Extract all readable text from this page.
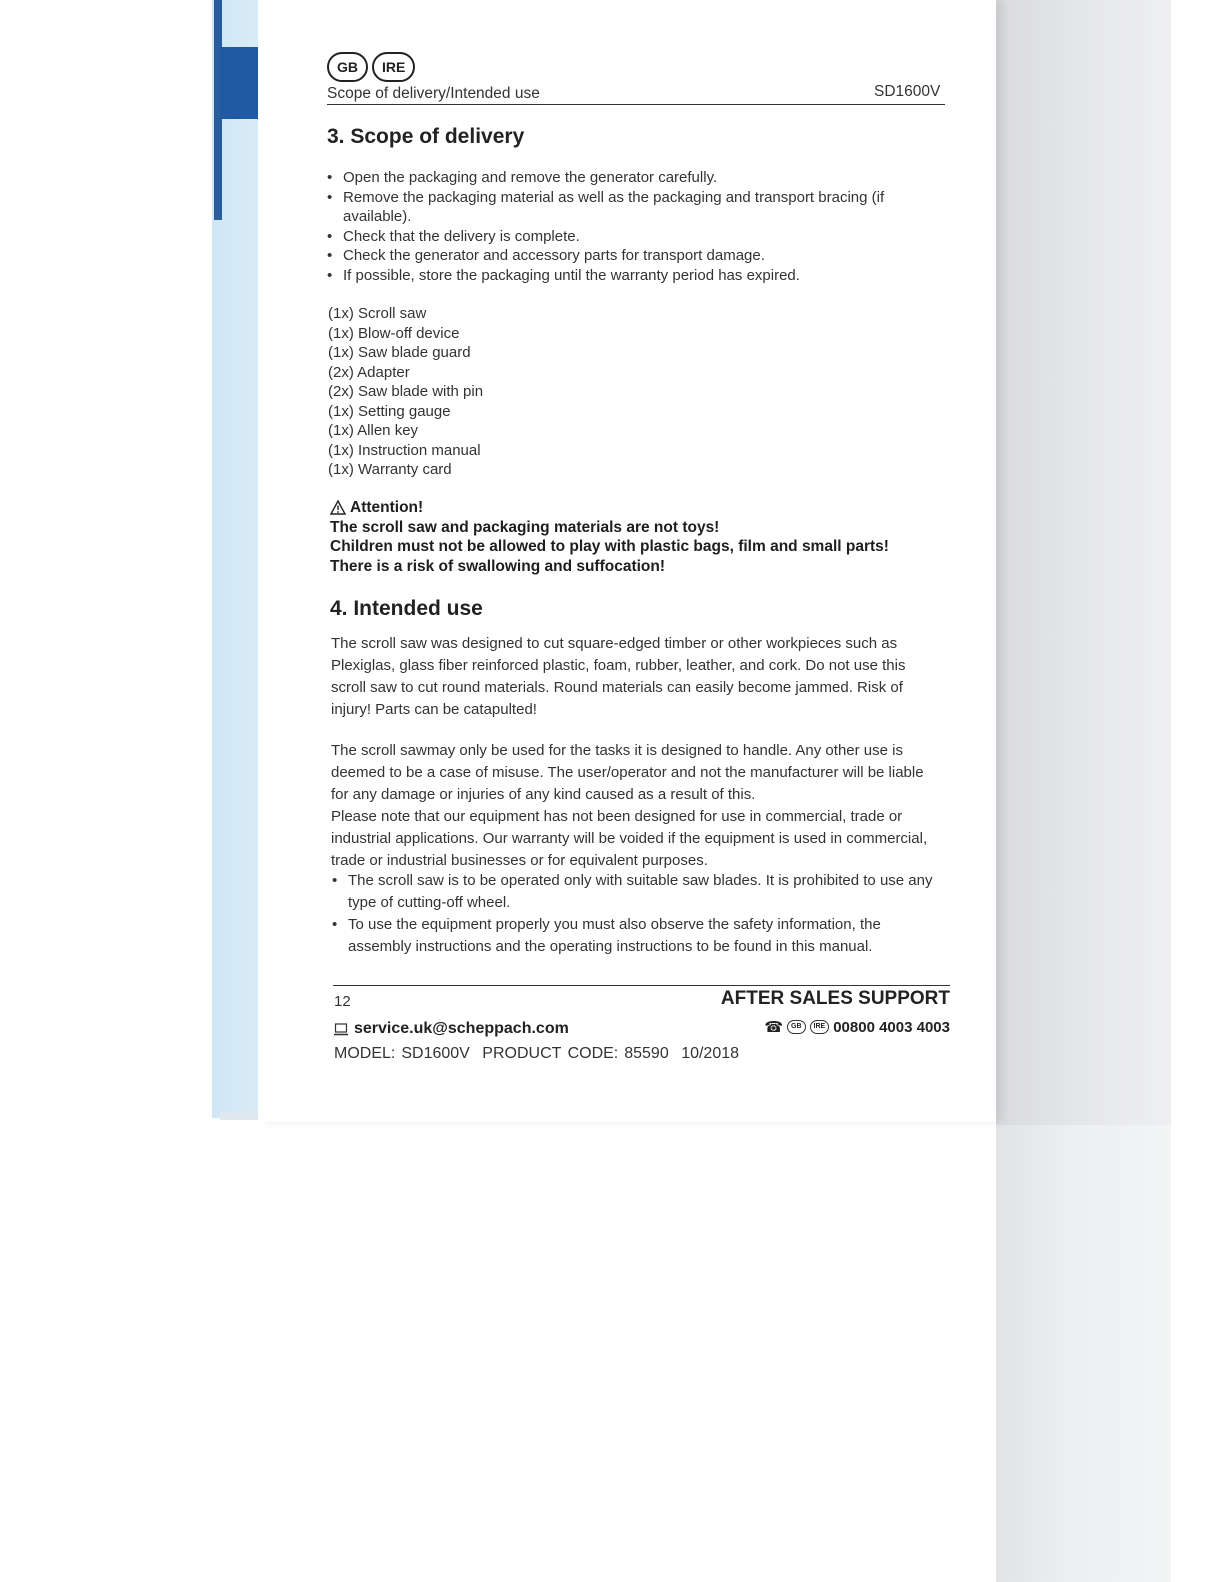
GB	IRE
Scope of delivery/Intended use	SD1600V
3. Scope of delivery
• Open the packaging and remove the generator carefully.
• Remove the packaging material as well as the packaging and transport bracing (if available).
• Check that the delivery is complete.
• Check the generator and accessory parts for transport damage.
• If possible, store the packaging until the warranty period has expired.
(1x) Scroll saw
(1x) Blow-off device
(1x) Saw blade guard
(2x) Adapter
(2x) Saw blade with pin
(1x) Setting gauge
(1x) Allen key
(1x) Instruction manual
(1x) Warranty card
Attention!
The scroll saw and packaging materials are not toys!
Children must not be allowed to play with plastic bags, film and small parts!
There is a risk of swallowing and suffocation!
4. Intended use

The scroll saw was designed to cut square-edged timber or other workpieces such as Plexiglas, glass fiber reinforced plastic, foam, rubber, leather, and cork. Do not use this scroll saw to cut round materials. Round materials can easily become jammed. Risk of injury! Parts can be catapulted!

The scroll sawmay only be used for the tasks it is designed to handle. Any other use is deemed to be a case of misuse. The user/operator and not the manufacturer will be liable for any damage or injuries of any kind caused as a result of this.
Please note that our equipment has not been designed for use in commercial, trade or industrial applications. Our warranty will be voided if the equipment is used in commercial, trade or industrial businesses or for equivalent purposes.
• The scroll saw is to be operated only with suitable saw blades. It is prohibited to use any type of cutting-off wheel.
• To use the equipment properly you must also observe the safety information, the assembly instructions and the operating instructions to be found in this manual.
12	AFTER SALES SUPPORT
service.uk@scheppach.com	☎	GB	IRE 00800 4003 4003
MODEL: SD1600V PRODUCT CODE: 85590 10/2018
